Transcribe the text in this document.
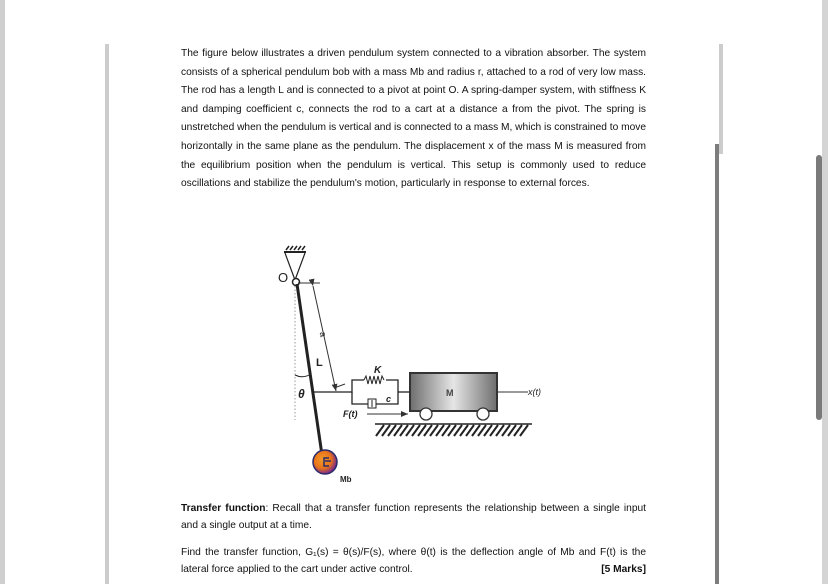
The figure below illustrates a driven pendulum system connected to a vibration absorber. The system consists of a spherical pendulum bob with a mass Mb and radius r, attached to a rod of very low mass. The rod has a length L and is connected to a pivot at point O. A spring-damper system, with stiffness K and damping coefficient c, connects the rod to a cart at a distance a from the pivot. The spring is unstretched when the pendulum is vertical and is connected to a mass M, which is constrained to move horizontally in the same plane as the pendulum. The displacement x of the mass M is measured from the equilibrium position when the pendulum is vertical. This setup is commonly used to reduce oscillations and stabilize the pendulum's motion, particularly in response to external forces.

O
a
L
θ
K
c
M	x(t)
F(t)
Mb

Transfer function: Recall that a transfer function represents the relationship between a single input and a single output at a time.

Find the transfer function, G₁(s) = θ(s)/F(s), where θ(t) is the deflection angle of Mb and F(t) is the lateral force applied to the cart under active control.	[5 Marks]
